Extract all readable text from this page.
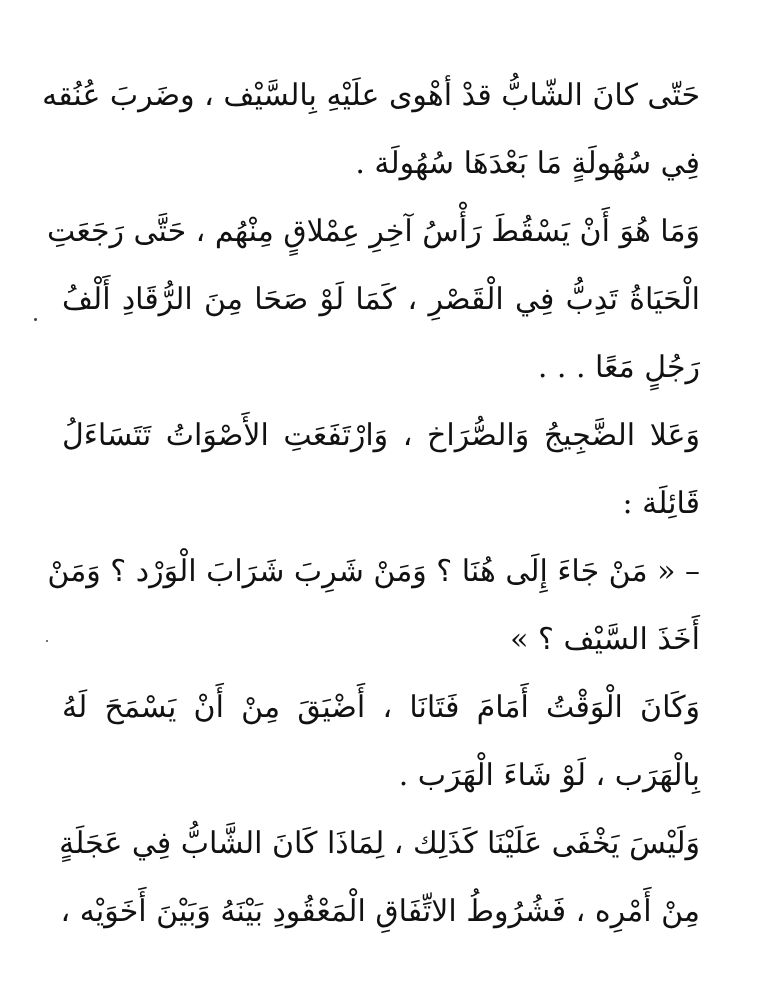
حَتّى كانَ الشّابُّ قدْ أهْوى علَيْهِ بِالسَّيْف ، وضَربَ عُنُقه
فِي سُهُولَةٍ مَا بَعْدَهَا سُهُولَة .
وَمَا هُوَ أَنْ يَسْقُطَ رَأْسُ آخِرِ عِمْلاقٍ مِنْهُم ، حَتَّى رَجَعَتِ
الْحَيَاةُ تَدِبُّ فِي الْقَصْرِ ، كَمَا لَوْ صَحَا مِنَ الرُّقَادِ أَلْفُ
رَجُلٍ مَعًا . . .
وَعَلا الضَّجِيجُ وَالصُّرَاخ ، وَارْتَفَعَتِ الأَصْوَاتُ تَتَسَاءَلُ
قَائِلَة :
– « مَنْ جَاءَ إِلَى هُنَا ؟ وَمَنْ شَرِبَ شَرَابَ الْوَرْد ؟ وَمَنْ
أَخَذَ السَّيْف ؟ »
وَكَانَ الْوَقْتُ أَمَامَ فَتَانَا ، أَضْيَقَ مِنْ أَنْ يَسْمَحَ لَهُ
بِالْهَرَب ، لَوْ شَاءَ الْهَرَب .
وَلَيْسَ يَخْفَى عَلَيْنَا كَذَلِك ، لِمَاذَا كَانَ الشَّابُّ فِي عَجَلَةٍ
مِنْ أَمْرِه ، فَشُرُوطُ الاتِّفَاقِ الْمَعْقُودِ بَيْنَهُ وَبَيْنَ أَخَوَيْه ،
